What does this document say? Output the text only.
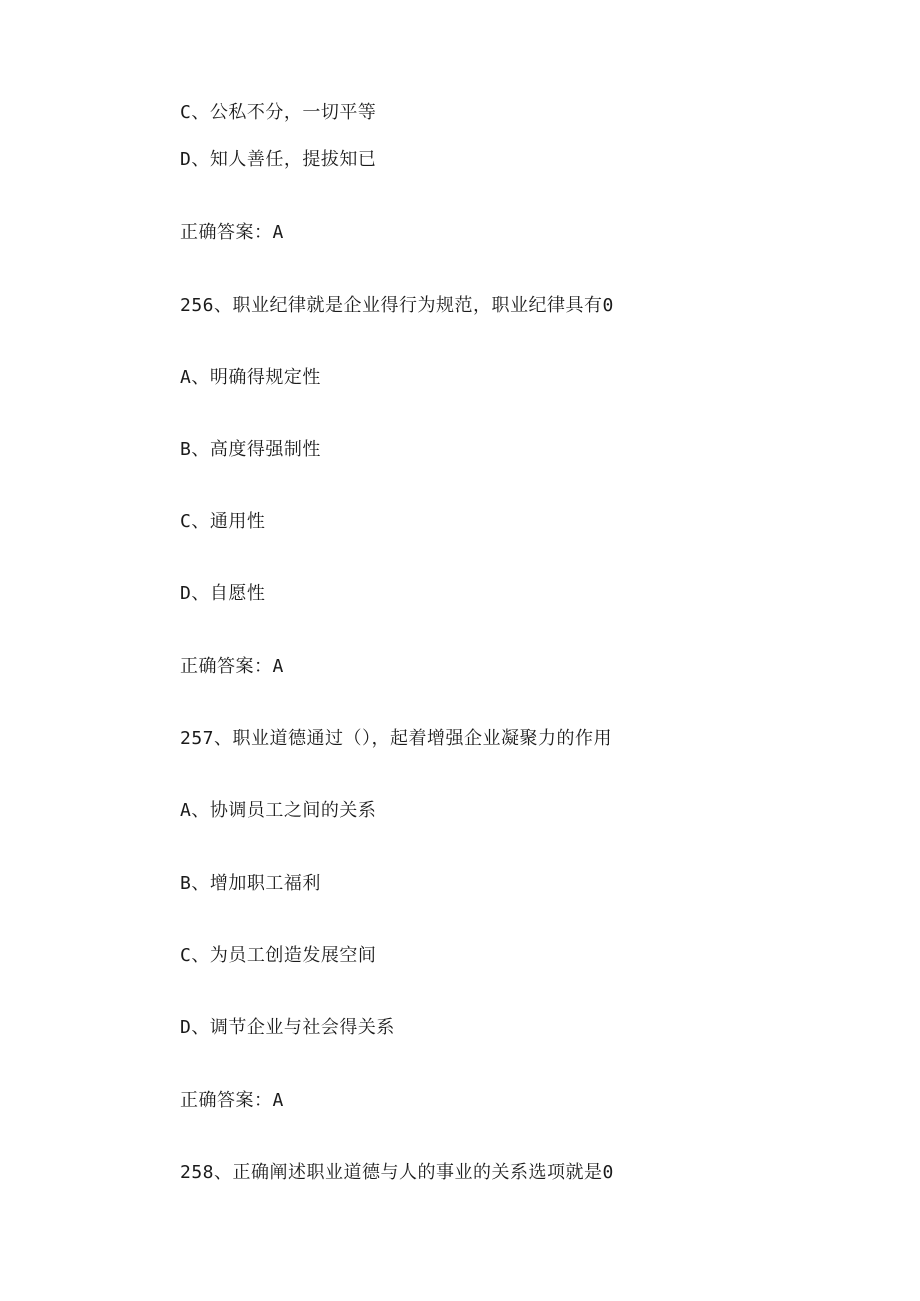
C、公私不分，一切平等
D、知人善任，提拔知已
正确答案：A
256、职业纪律就是企业得行为规范，职业纪律具有0
A、明确得规定性
B、高度得强制性
C、通用性
D、自愿性
正确答案：A
257、职业道德通过（），起着增强企业凝聚力的作用
A、协调员工之间的关系
B、增加职工福利
C、为员工创造发展空间
D、调节企业与社会得关系
正确答案：A
258、正确阐述职业道德与人的事业的关系选项就是0
